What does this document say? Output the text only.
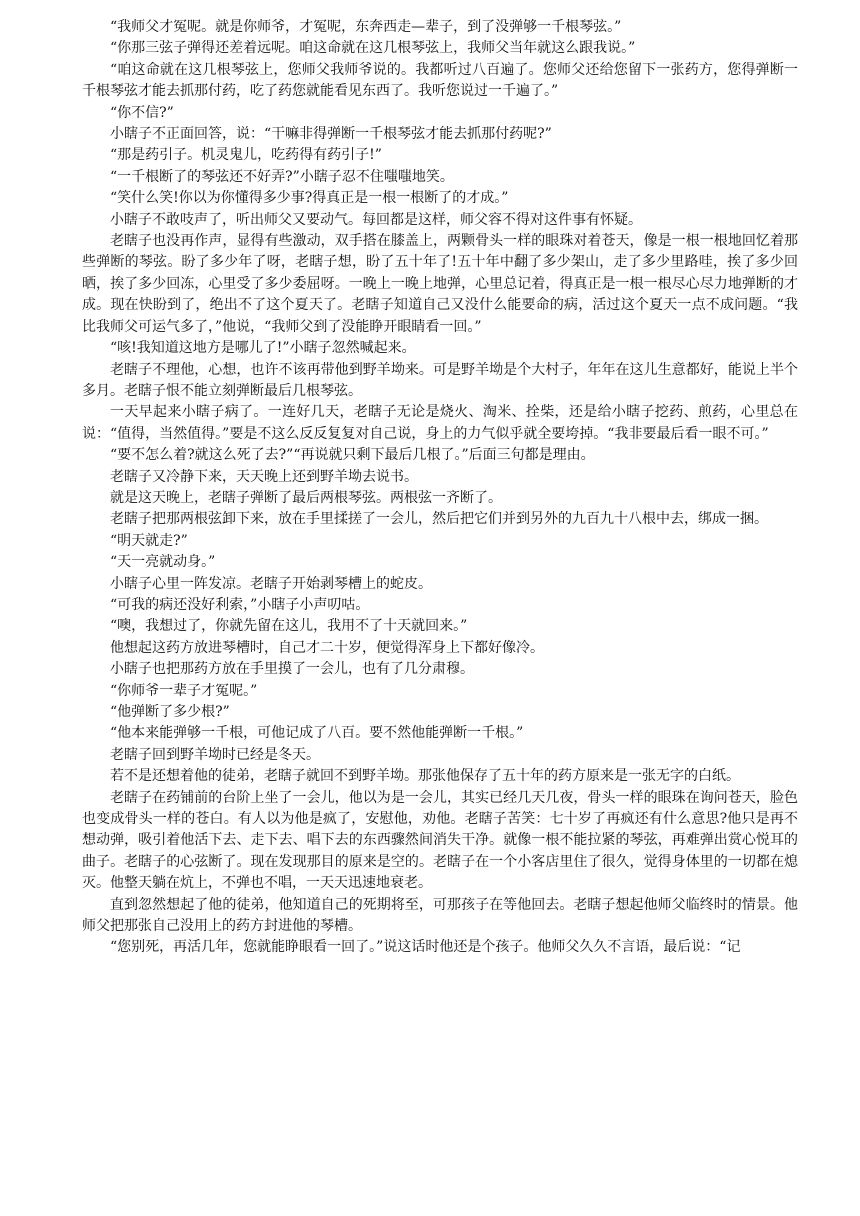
“我师父才冤呢。就是你师爷，才冤呢，东奔西走—辈子，到了没弹够一千根琴弦。”

“你那三弦子弹得还差着远呢。咱这命就在这几根琴弦上，我师父当年就这么跟我说。”

“咱这命就在这几根琴弦上，您师父我师爷说的。我都听过八百遍了。您师父还给您留下一张药方，您得弹断一千根琴弦才能去抓那付药，吃了药您就能看见东西了。我听您说过一千遍了。”

“你不信?”

小瞎子不正面回答，说：“干嘛非得弹断一千根琴弦才能去抓那付药呢?”

“那是药引子。机灵鬼儿，吃药得有药引子!”

“一千根断了的琴弦还不好弄?”小瞎子忍不住嗤嗤地笑。

“笑什么笑!你以为你懂得多少事?得真正是一根一根断了的才成。”

小瞎子不敢吱声了，听出师父又要动气。每回都是这样，师父容不得对这件事有怀疑。

老瞎子也没再作声，显得有些激动，双手搭在膝盖上，两颗骨头一样的眼珠对着苍天，像是一根一根地回忆着那些弹断的琴弦。盼了多少年了呀，老瞎子想，盼了五十年了!五十年中翻了多少架山，走了多少里路哇，挨了多少回晒，挨了多少回冻，心里受了多少委屈呀。一晚上一晚上地弹，心里总记着，得真正是一根一根尽心尽力地弹断的才成。现在快盼到了，绝出不了这个夏天了。老瞎子知道自己又没什么能要命的病，活过这个夏天一点不成问题。“我比我师父可运气多了，”他说，“我师父到了没能睁开眼睛看一回。”

“咳!我知道这地方是哪儿了!”小瞎子忽然喊起来。

老瞎子不理他，心想，也许不该再带他到野羊坳来。可是野羊坳是个大村子，年年在这儿生意都好，能说上半个多月。老瞎子恨不能立刻弹断最后几根琴弦。

一天早起来小瞎子病了。一连好几天，老瞎子无论是烧火、淘米、拴柴，还是给小瞎子挖药、煎药，心里总在说：“值得，当然值得。”要是不这么反反复复对自己说，身上的力气似乎就全要垮掉。“我非要最后看一眼不可。”

“要不怎么着?就这么死了去?”“再说就只剩下最后几根了。”后面三句都是理由。

老瞎子又冷静下来，天天晚上还到野羊坳去说书。

就是这天晚上，老瞎子弹断了最后两根琴弦。两根弦一齐断了。

老瞎子把那两根弦卸下来，放在手里揉搓了一会儿，然后把它们并到另外的九百九十八根中去，绑成一捆。

“明天就走?”

“天一亮就动身。”

小瞎子心里一阵发凉。老瞎子开始剥琴槽上的蛇皮。

“可我的病还没好利索，”小瞎子小声叨咕。

“噢，我想过了，你就先留在这儿，我用不了十天就回来。”

他想起这药方放进琴槽时，自己才二十岁，便觉得浑身上下都好像冷。

小瞎子也把那药方放在手里摸了一会儿，也有了几分肃穆。

“你师爷一辈子才冤呢。”

“他弹断了多少根?”

“他本来能弹够一千根，可他记成了八百。要不然他能弹断一千根。”

老瞎子回到野羊坳时已经是冬天。

若不是还想着他的徒弟，老瞎子就回不到野羊坳。那张他保存了五十年的药方原来是一张无字的白纸。

老瞎子在药铺前的台阶上坐了一会儿，他以为是一会儿，其实已经几天几夜，骨头一样的眼珠在询问苍天，脸色也变成骨头一样的苍白。有人以为他是疯了，安慰他，劝他。老瞎子苦笑：七十岁了再疯还有什么意思?他只是再不想动弹，吸引着他活下去、走下去、唱下去的东西骤然间消失干净。就像一根不能拉紧的琴弦，再难弹出赏心悦耳的曲子。老瞎子的心弦断了。现在发现那目的原来是空的。老瞎子在一个小客店里住了很久，觉得身体里的一切都在熄灭。他整天躺在炕上，不弹也不唱，一天天迅速地衰老。

直到忽然想起了他的徒弟，他知道自己的死期将至，可那孩子在等他回去。老瞎子想起他师父临终时的情景。他师父把那张自己没用上的药方封进他的琴槽。

“您别死，再活几年，您就能睁眼看一回了。”说这话时他还是个孩子。他师父久久不言语，最后说：“记
